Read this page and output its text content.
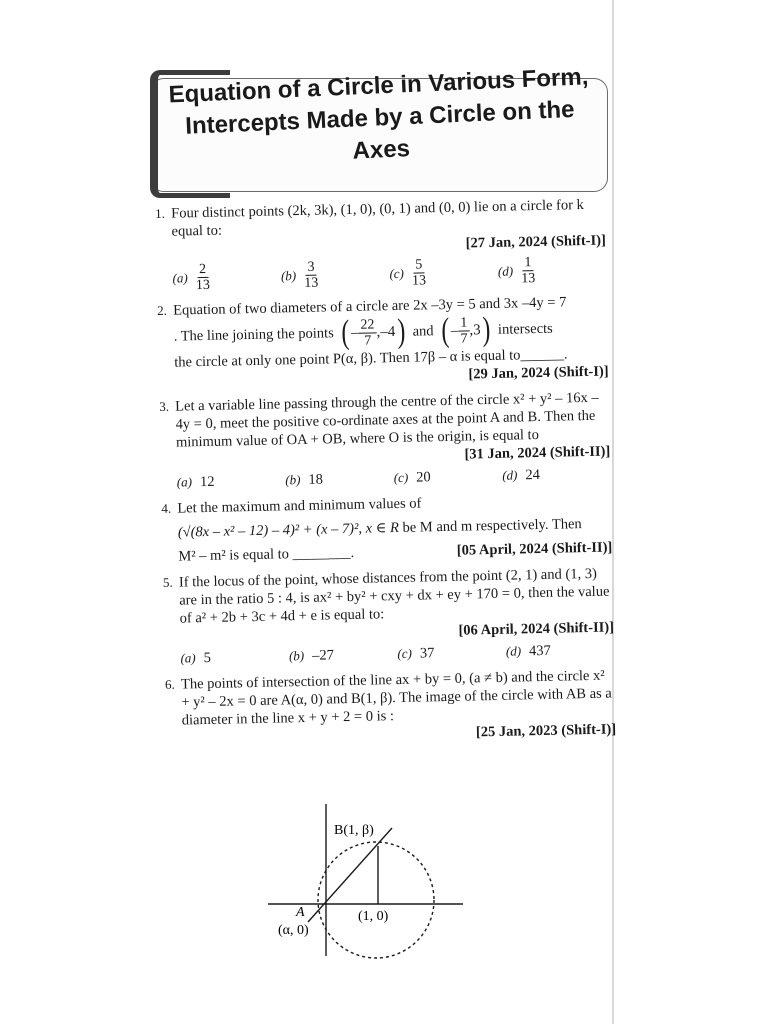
Equation of a Circle in Various Form, Intercepts Made by a Circle on the Axes
1. Four distinct points (2k, 3k), (1, 0), (0, 1) and (0, 0) lie on a circle for k equal to:
[27 Jan, 2024 (Shift-I)]
$(a) \frac{2}{13}$	$(b) \frac{3}{13}$	$(c) \frac{5}{13}$	$(d) \frac{1}{13}$
2. Equation of two diameters of a circle are 2x –3y = 5 and 3x –4y = 7
. The line joining the points ( – $\frac{22}{7}$ , –4 ) and ( – $\frac{1}{7}$ , 3 ) intersects
the circle at only one point P(α, β). Then 17β – α is equal to______.
[29 Jan, 2024 (Shift-I)]
3. Let a variable line passing through the centre of the circle x² + y² – 16x – 4y = 0, meet the positive co-ordinate axes at the point A and B. Then the minimum value of OA + OB, where O is the origin, is equal to
[31 Jan, 2024 (Shift-II)]
(a) 12	(b) 18	(c) 20	(d) 24
4. Let the maximum and minimum values of
(√(8x – x² – 12) – 4)² + (x – 7)², x ∈ R be M and m respectively. Then
M² – m² is equal to ________.	[05 April, 2024 (Shift-II)]
5. If the locus of the point, whose distances from the point (2, 1) and (1, 3) are in the ratio 5 : 4, is ax² + by² + cxy + dx + ey + 170 = 0, then the value of a² + 2b + 3c + 4d + e is equal to:
[06 April, 2024 (Shift-II)]
(a) 5	(b) –27	(c) 37	(d) 437
6. The points of intersection of the line ax + by = 0, (a ≠ b) and the circle x² + y² – 2x = 0 are A(α, 0) and B(1, β). The image of the circle with AB as a diameter in the line x + y + 2 = 0 is :
[25 Jan, 2023 (Shift-I)]
B(1, β)
A
(α, 0)
(1, 0)
